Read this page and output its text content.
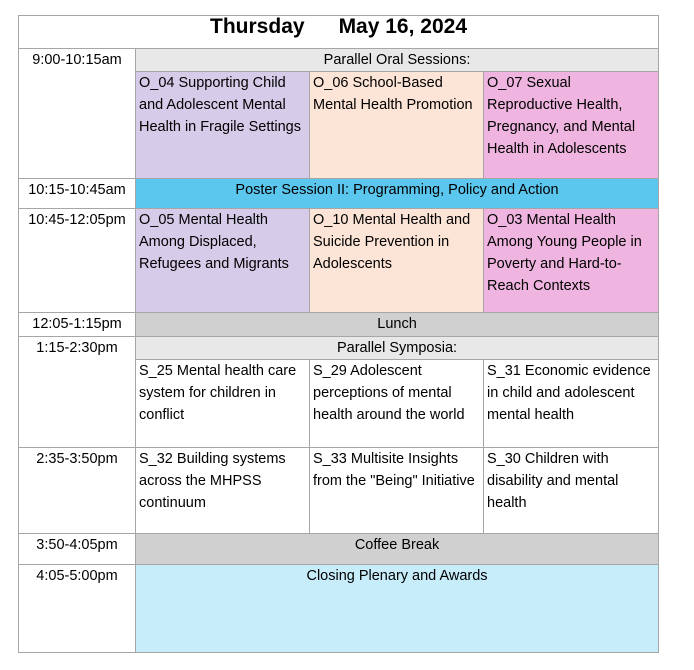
Thursday May 16, 2024			
9:00-10:15am	Parallel Oral Sessions:		
	O_04 Supporting Child and Adolescent Mental Health in Fragile Settings	O_06 School-Based Mental Health Promotion	O_07 Sexual Reproductive Health, Pregnancy, and Mental Health in Adolescents
10:15-10:45am	Poster Session II: Programming, Policy and Action		
10:45-12:05pm	O_05 Mental Health Among Displaced, Refugees and Migrants	O_10 Mental Health and Suicide Prevention in Adolescents	O_03 Mental Health Among Young People in Poverty and Hard-to-Reach Contexts
12:05-1:15pm	Lunch		
1:15-2:30pm	Parallel Symposia:		
	S_25 Mental health care system for children in conflict	S_29 Adolescent perceptions of mental health around the world	S_31 Economic evidence in child and adolescent mental health
2:35-3:50pm	S_32 Building systems across the MHPSS continuum	S_33 Multisite Insights from the "Being" Initiative	S_30 Children with disability and mental health
3:50-4:05pm	Coffee Break		
4:05-5:00pm	Closing Plenary and Awards		
